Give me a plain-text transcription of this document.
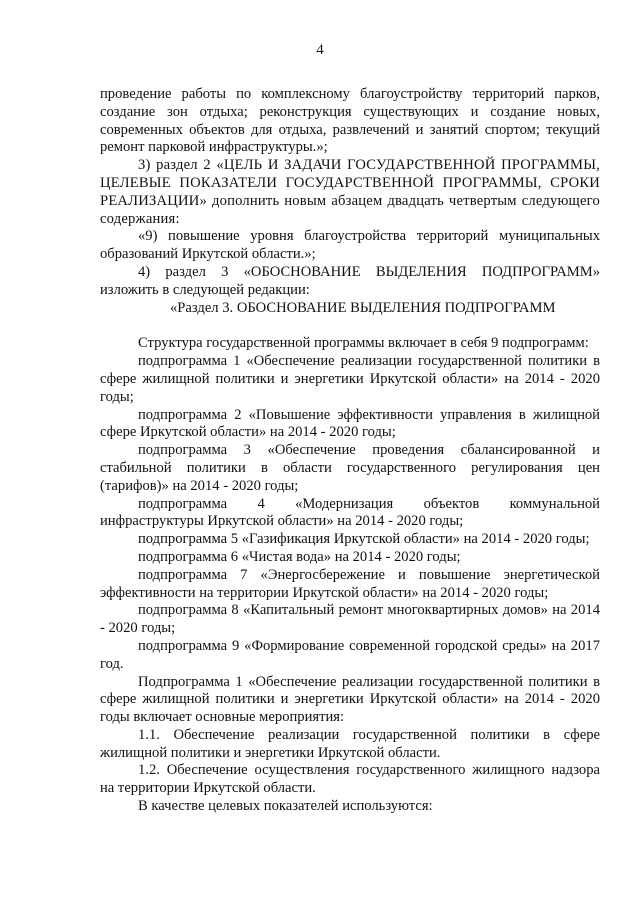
4

проведение работы по комплексному благоустройству территорий парков, создание зон отдыха; реконструкция существующих и создание новых, современных объектов для отдыха, развлечений и занятий спортом; текущий ремонт парковой инфраструктуры.»;

3) раздел 2 «ЦЕЛЬ И ЗАДАЧИ ГОСУДАРСТВЕННОЙ ПРОГРАММЫ, ЦЕЛЕВЫЕ ПОКАЗАТЕЛИ ГОСУДАРСТВЕННОЙ ПРОГРАММЫ, СРОКИ РЕАЛИЗАЦИИ» дополнить новым абзацем двадцать четвертым следующего содержания:

«9) повышение уровня благоустройства территорий муниципальных образований Иркутской области.»;

4) раздел 3 «ОБОСНОВАНИЕ ВЫДЕЛЕНИЯ ПОДПРОГРАММ» изложить в следующей редакции:

«Раздел 3. ОБОСНОВАНИЕ ВЫДЕЛЕНИЯ ПОДПРОГРАММ

Структура государственной программы включает в себя 9 подпрограмм:

подпрограмма 1 «Обеспечение реализации государственной политики в сфере жилищной политики и энергетики Иркутской области» на 2014 - 2020 годы;

подпрограмма 2 «Повышение эффективности управления в жилищной сфере Иркутской области» на 2014 - 2020 годы;

подпрограмма 3 «Обеспечение проведения сбалансированной и стабильной политики в области государственного регулирования цен (тарифов)» на 2014 - 2020 годы;

подпрограмма 4 «Модернизация объектов коммунальной инфраструктуры Иркутской области» на 2014 - 2020 годы;

подпрограмма 5 «Газификация Иркутской области» на 2014 - 2020 годы;

подпрограмма 6 «Чистая вода» на 2014 - 2020 годы;

подпрограмма 7 «Энергосбережение и повышение энергетической эффективности на территории Иркутской области» на 2014 - 2020 годы;

подпрограмма 8 «Капитальный ремонт многоквартирных домов» на 2014 - 2020 годы;

подпрограмма 9 «Формирование современной городской среды» на 2017 год.

Подпрограмма 1 «Обеспечение реализации государственной политики в сфере жилищной политики и энергетики Иркутской области» на 2014 - 2020 годы включает основные мероприятия:

1.1. Обеспечение реализации государственной политики в сфере жилищной политики и энергетики Иркутской области.

1.2. Обеспечение осуществления государственного жилищного надзора на территории Иркутской области.

В качестве целевых показателей используются:
